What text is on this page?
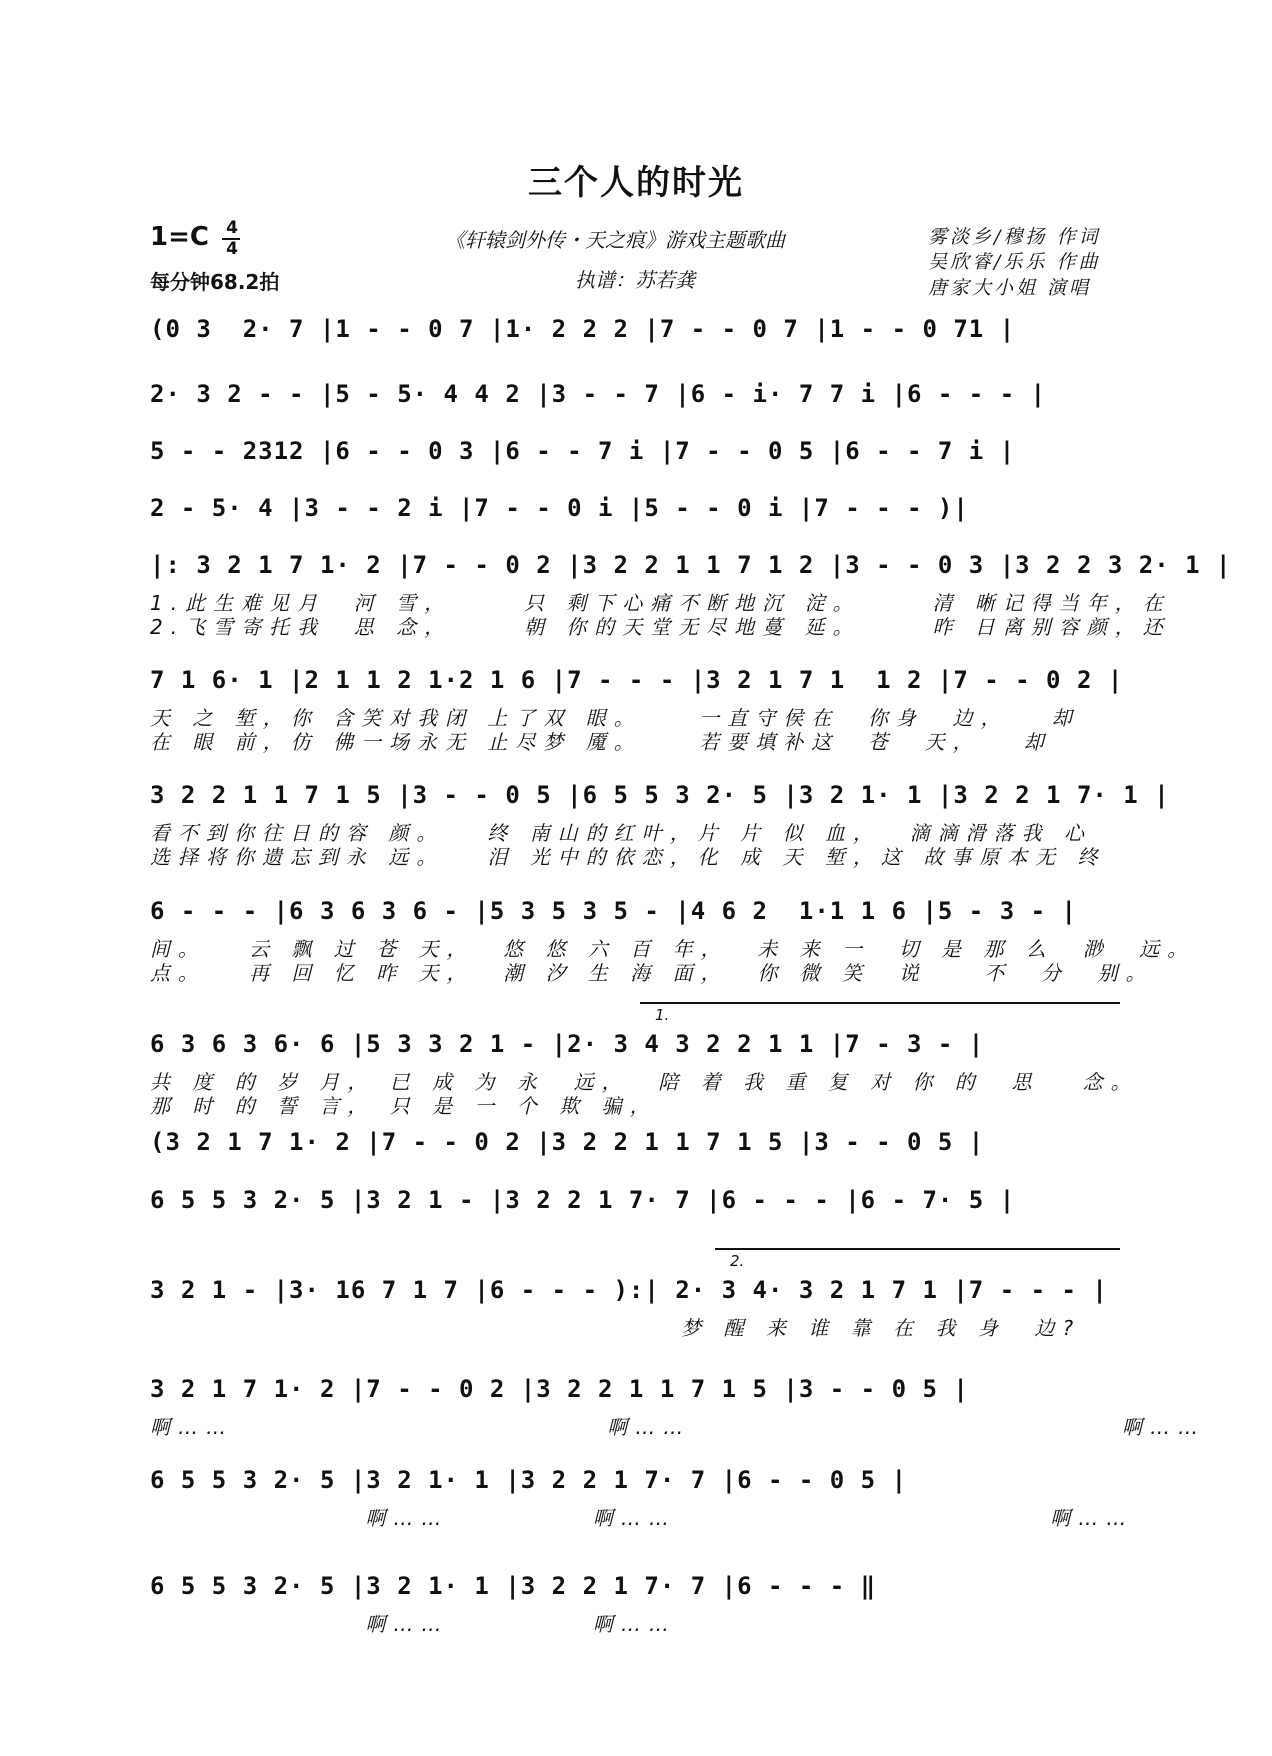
三个人的时光
1=C 4
4
每分钟68.2拍
《轩辕剑外传・天之痕》游戏主题歌曲
执谱：苏若龚
雾淡乡/穆扬 作词
吴欣睿/乐乐 作曲
唐家大小姐 演唱
(0 3  2· 7 |1 - - 0 7 |1· 2 2 2 |7 - - 0 7 |1 - - 0 71 |
2· 3 2 - - |5 - 5· 4 4 2 |3 - - 7 |6 - i· 7 7 i |6 - - - |
5 - - 2312 |6 - - 0 3 |6 - - 7 i |7 - - 0 5 |6 - - 7 i |
2 - 5· 4 |3 - - 2 i |7 - - 0 i |5 - - 0 i |7 - - - )|
|: 3 2 1 7 1· 2 |7 - - 0 2 |3 2 2 1 1 7 1 2 |3 - - 0 3 |3 2 2 3 2· 1 |
1.此生难见月  河 雪，     只 剩下心痛不断地沉 淀。     清 晰记得当年，在
2.飞雪寄托我  思 念，     朝 你的天堂无尽地蔓 延。     昨 日离别容颜，还
7 1 6· 1 |2 1 1 2 1·2 1 6 |7 - - - |3 2 1 7 1  1 2 |7 - - 0 2 |
天 之 堑，你 含笑对我闭 上了双 眼。    一直守侯在  你身  边，   却
在 眼 前，仿 佛一场永无 止尽梦 魇。    若要填补这  苍  天，   却
3 2 2 1 1 7 1 5 |3 - - 0 5 |6 5 5 3 2· 5 |3 2 1· 1 |3 2 2 1 7· 1 |
看不到你往日的容 颜。   终 南山的红叶，片 片 似 血，  滴滴滑落我 心
选择将你遗忘到永 远。   泪 光中的依恋，化 成 天 堑，这 故事原本无 终
6 - - - |6 3 6 3 6 - |5 3 5 3 5 - |4 6 2  1·1 1 6 |5 - 3 - |
间。   云 飘 过 苍 天，  悠 悠 六 百 年，  未 来 一  切 是 那 么  渺  远。
点。   再 回 忆 昨 天，  潮 汐 生 海 面，  你 微 笑  说    不  分  别。
6 3 6 3 6· 6 |5 3 3 2 1 - |2· 3 4 3 2 2 1 1 |7 - 3 - |
共 度 的 岁 月， 已 成 为 永  远，  陪 着 我 重 复 对 你 的  思   念。
那 时 的 誓 言， 只 是 一 个 欺 骗，
1.
(3 2 1 7 1· 2 |7 - - 0 2 |3 2 2 1 1 7 1 5 |3 - - 0 5 |
6 5 5 3 2· 5 |3 2 1 - |3 2 2 1 7· 7 |6 - - - |6 - 7· 5 |
3 2 1 - |3· 16 7 1 7 |6 - - - ):| 2· 3 4· 3 2 1 7 1 |7 - - - |
梦 醒 来 谁 靠 在 我 身  边?
2.
3 2 1 7 1· 2 |7 - - 0 2 |3 2 2 1 1 7 1 5 |3 - - 0 5 |
啊……                          啊……                              啊……
6 5 5 3 2· 5 |3 2 1· 1 |3 2 2 1 7· 7 |6 - - 0 5 |
啊……          啊……                          啊……
6 5 5 3 2· 5 |3 2 1· 1 |3 2 2 1 7· 7 |6 - - - ‖
啊……          啊……
